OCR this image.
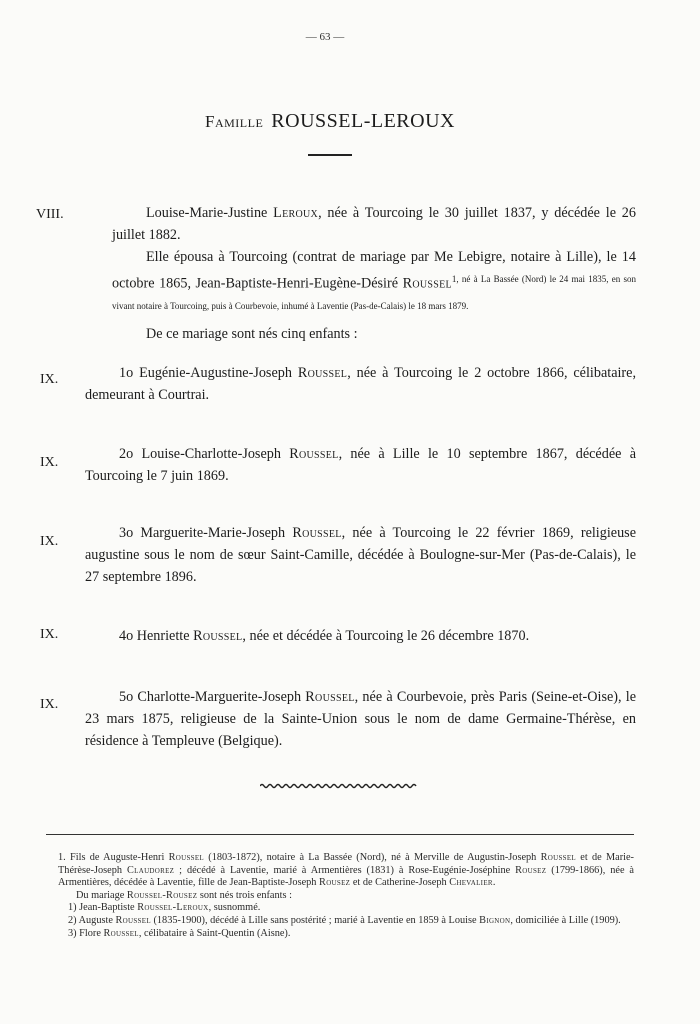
— 63 —
Famille ROUSSEL-LEROUX
VIII.	Louise-Marie-Justine Leroux, née à Tourcoing le 30 juillet 1837, y décédée le 26 juillet 1882.

Elle épousa à Tourcoing (contrat de mariage par Me Lebigre, notaire à Lille), le 14 octobre 1865, Jean-Baptiste-Henri-Eugène-Désiré Roussel$^{1, né à La Bassée (Nord) le 24 mai 1835, en son vivant notaire à Tourcoing, puis à Courbevoie, inhumé à Laventie (Pas-de-Calais) le 18 mars 1879.}$

De ce mariage sont nés cinq enfants :

IX.	1o Eugénie-Augustine-Joseph Roussel, née à Tourcoing le 2 octobre 1866, célibataire, demeurant à Courtrai.

IX.

2o Louise-Charlotte-Joseph Roussel, née à Lille le 10 septembre 1867, décédée à Tourcoing le 7 juin 1869.

IX.

3o Marguerite-Marie-Joseph Roussel, née à Tourcoing le 22 février 1869, religieuse augustine sous le nom de sœur Saint-Camille, décédée à Boulogne-sur-Mer (Pas-de-Calais), le 27 septembre 1896.

IX.	4o Henriette Roussel, née et décédée à Tourcoing le 26 décembre 1870.

IX.	5o Charlotte-Marguerite-Joseph Roussel, née à Courbevoie, près Paris (Seine-et-Oise), le 23 mars 1875, religieuse de la Sainte-Union sous le nom de dame Germaine-Thérèse, en résidence à Templeuve (Belgique).

1. Fils de Auguste-Henri Roussel (1803-1872), notaire à La Bassée (Nord), né à Merville de Augustin-Joseph Roussel et de Marie-Thérèse-Joseph Claudorez ; décédé à Laventie, marié à Armentières (1831) à Rose-Eugénie-Joséphine Rousez (1799-1866), née à Armentières, décédée à Laventie, fille de Jean-Baptiste-Joseph Rousez et de Catherine-Joseph Chevalier.

Du mariage Roussel-Rousez sont nés trois enfants :

1) Jean-Baptiste Roussel-Leroux, susnommé.

2) Auguste Roussel (1835-1900), décédé à Lille sans postérité ; marié à Laventie en 1859 à Louise Bignon, domiciliée à Lille (1909).

3) Flore Roussel, célibataire à Saint-Quentin (Aisne).
